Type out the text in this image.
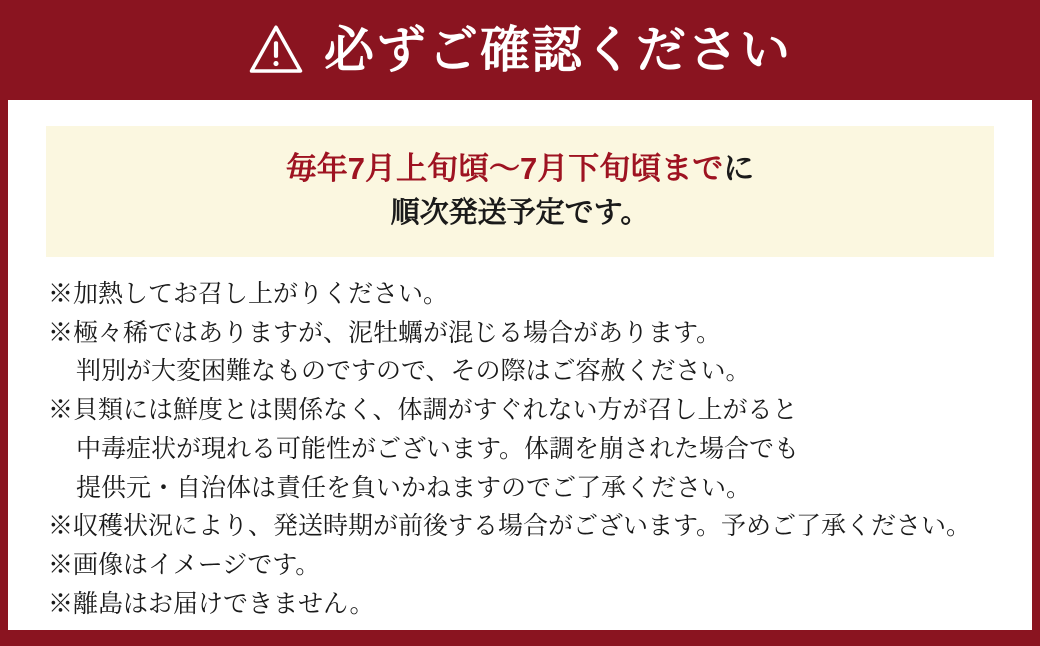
必ずご確認ください
毎年7月上旬頃〜7月下旬頃までに
順次発送予定です。
※加熱してお召し上がりください。
※極々稀ではありますが、泥牡蠣が混じる場合があります。
判別が大変困難なものですので、その際はご容赦ください。
※貝類には鮮度とは関係なく、体調がすぐれない方が召し上がると
中毒症状が現れる可能性がございます。体調を崩された場合でも
提供元・自治体は責任を負いかねますのでご了承ください。
※収穫状況により、発送時期が前後する場合がございます。予めご了承ください。
※画像はイメージです。
※離島はお届けできません。
